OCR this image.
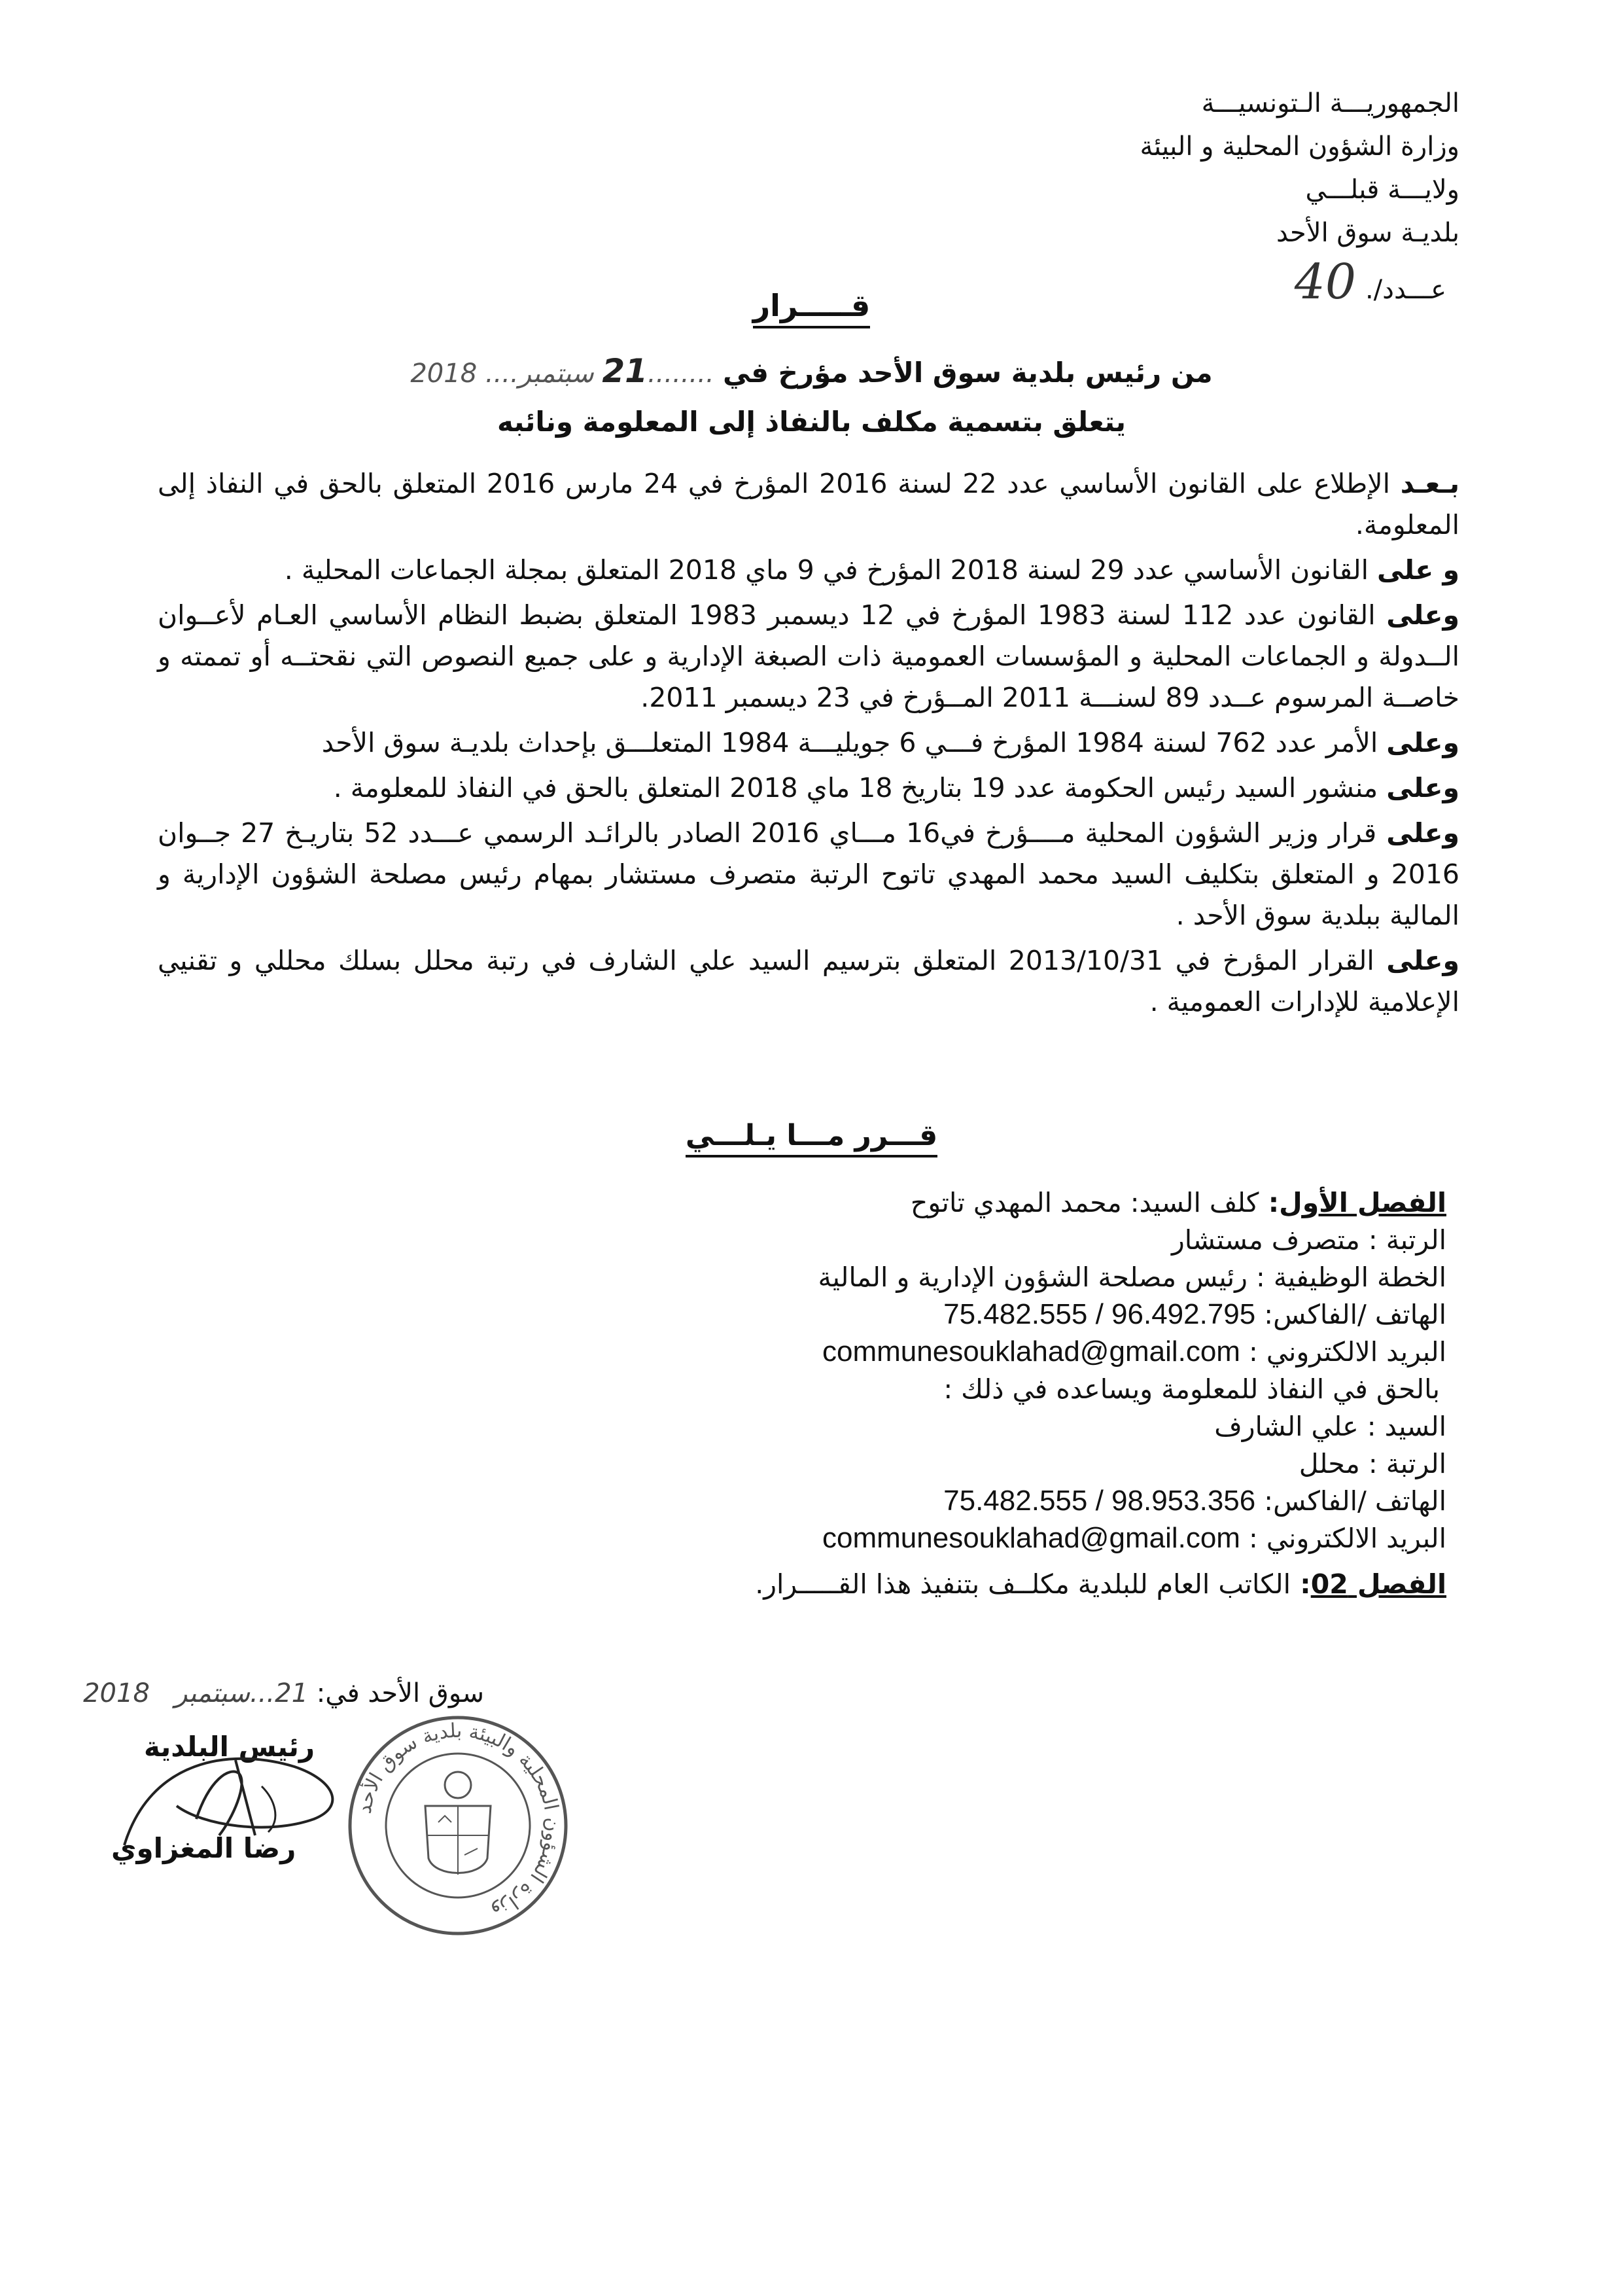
الجمهوريـــة الـتونسيـــة
وزارة الشؤون المحلية و البيئة
ولايـــة قبلـــي
بلديـة سوق الأحد
عـــدد/.40
قـــــرار
من رئيس بلدية سوق الأحد مؤرخ في ........21 سبتمبر.... 2018
يتعلق بتسمية مكلف بالنفاذ إلى المعلومة ونائبه

بـعـد الإطلاع على القانون الأساسي عدد 22 لسنة 2016 المؤرخ في 24 مارس 2016 المتعلق بالحق في النفاذ إلى المعلومة.

و على القانون الأساسي عدد 29 لسنة 2018 المؤرخ في 9 ماي 2018 المتعلق بمجلة الجماعات المحلية .

وعلى القانون عدد 112 لسنة 1983 المؤرخ في 12 ديسمبر 1983 المتعلق بضبط النظام الأساسي العـام لأعــوان الــدولة و الجماعات المحلية و المؤسسات العمومية ذات الصبغة الإدارية و على جميع النصوص التي نقحتــه أو تممته و خاصــة المرسوم عــدد 89 لسنـــة 2011 المــؤرخ في 23 ديسمبر 2011.

وعلى الأمر عدد 762 لسنة 1984 المؤرخ فـــي 6 جويليـــة 1984 المتعلـــق بإحداث بلديـة سوق الأحد

وعلى منشور السيد رئيس الحكومة عدد 19 بتاريخ 18 ماي 2018 المتعلق بالحق في النفاذ للمعلومة .

وعلى قرار وزير الشؤون المحلية مــــؤرخ في16 مـــاي 2016 الصادر بالرائـد الرسمي عـــدد 52 بتاريـخ 27 جــوان 2016 و المتعلق بتكليف السيد محمد المهدي تاتوح الرتبة متصرف مستشار بمهام رئيس مصلحة الشؤون الإدارية و المالية ببلدية سوق الأحد .

وعلى القرار المؤرخ في 2013/10/31 المتعلق بترسيم السيد علي الشارف في رتبة محلل بسلك محللي و تقنيي الإعلامية للإدارات العمومية .

قـــرر مـــا يـلـــي
الفصل الأول: كلف السيد: محمد المهدي تاتوح
الرتبة : متصرف مستشار
الخطة الوظيفية : رئيس مصلحة الشؤون الإدارية و المالية
الهاتف /الفاكس: 75.482.555 / 96.492.795
البريد الالكتروني : communesouklahad@gmail.com
بالحق في النفاذ للمعلومة ويساعده في ذلك :
السيد : علي الشارف
الرتبة : محلل
الهاتف /الفاكس: 75.482.555 / 98.953.356
البريد الالكتروني : communesouklahad@gmail.com
الفصل 02: الكاتب العام للبلدية مكلــف بتنفيذ هذا القـــــرار.
سوق الأحد في: 21...سبتمبر   2018
رئيس البلدية
رضا المغزاوي
وزارة الشؤون المحلية والبيئة بلدية سوق الأحد
